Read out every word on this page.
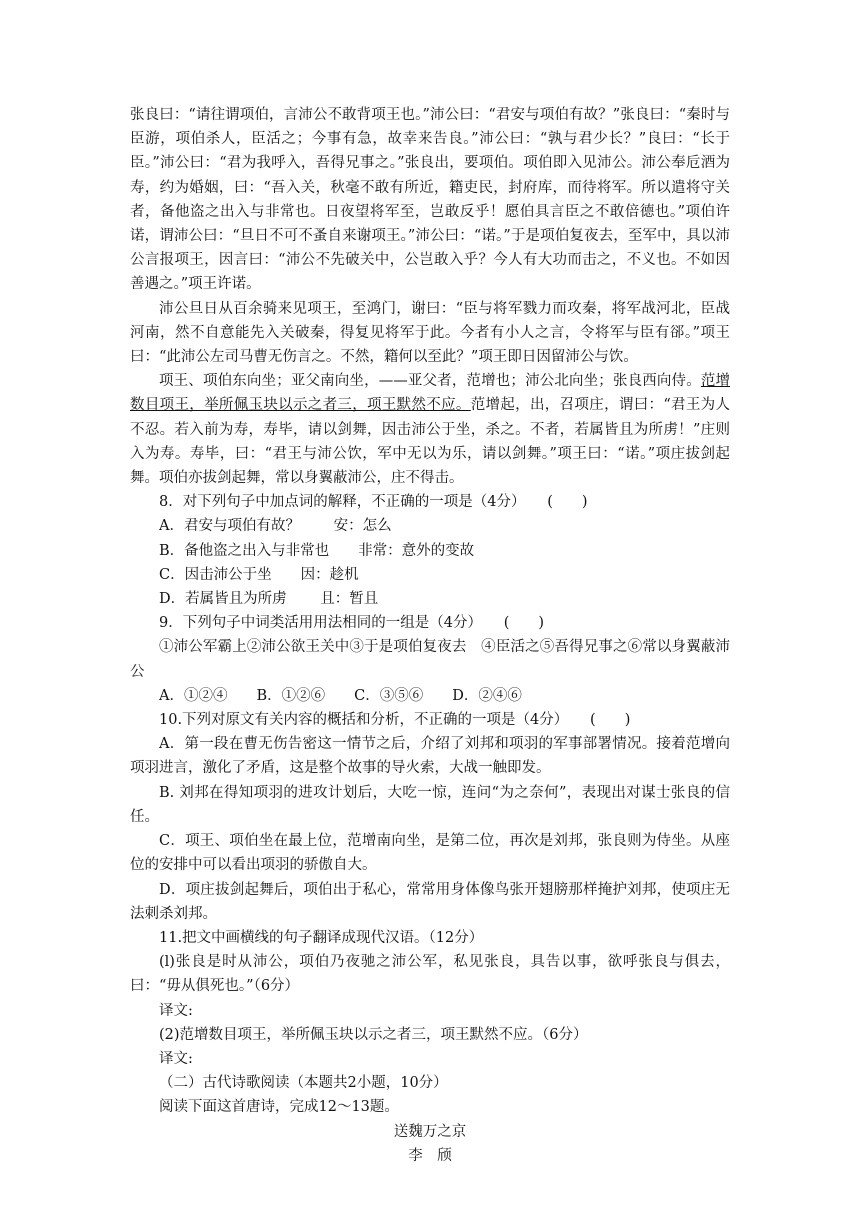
张良曰：“请往谓项伯，言沛公不敢背项王也。”沛公曰：“君安与项伯有故？”张良曰：“秦时与臣游，项伯杀人，臣活之；今事有急，故幸来告良。”沛公曰：“孰与君少长？”良曰：“长于臣。”沛公曰：“君为我呼入，吾得兄事之。”张良出，要项伯。项伯即入见沛公。沛公奉卮酒为寿，约为婚姻，曰：“吾入关，秋毫不敢有所近，籍吏民，封府库，而待将军。所以遣将守关者，备他盗之出入与非常也。日夜望将军至，岂敢反乎！愿伯具言臣之不敢倍德也。”项伯许诺，谓沛公曰：“旦日不可不蚤自来谢项王。”沛公曰：“诺。”于是项伯复夜去，至军中，具以沛公言报项王，因言曰：“沛公不先破关中，公岂敢入乎？今人有大功而击之，不义也。不如因善遇之。”项王许诺。

沛公旦日从百余骑来见项王，至鸿门，谢曰：“臣与将军戮力而攻秦，将军战河北，臣战河南，然不自意能先入关破秦，得复见将军于此。今者有小人之言，令将军与臣有郤。”项王曰：“此沛公左司马曹无伤言之。不然，籍何以至此？”项王即日因留沛公与饮。

项王、项伯东向坐；亚父南向坐，——亚父者，范增也；沛公北向坐；张良西向侍。范增数目项王，举所佩玉块以示之者三，项王默然不应。范增起，出，召项庄，谓曰：“君王为人不忍。若入前为寿，寿毕，请以剑舞，因击沛公于坐，杀之。不者，若属皆且为所虏！”庄则入为寿。寿毕，曰：“君王与沛公饮，军中无以为乐，请以剑舞。”项王曰：“诺。”项庄拔剑起舞。项伯亦拔剑起舞，常以身翼蔽沛公，庄不得击。

8．对下列句子中加点词的解释，不正确的一项是（4分）　　(　　)

A．君安与项伯有故？　　 安：怎么

B．备他盗之出入与非常也　　非常：意外的变故

C．因击沛公于坐　　因：趁机

D．若属皆且为所虏　　 且：暂且

9．下列句子中词类活用用法相同的一组是（4分）　　(　　)

①沛公军霸上②沛公欲王关中③于是项伯复夜去　④臣活之⑤吾得兄事之⑥常以身翼蔽沛公

A．①②④　　B．①②⑥　　C．③⑤⑥　　D．②④⑥

10.下列对原文有关内容的概括和分析，不正确的一项是（4分）　　(　　)

A．第一段在曹无伤告密这一情节之后，介绍了刘邦和项羽的军事部署情况。接着范增向项羽进言，激化了矛盾，这是整个故事的导火索，大战一触即发。

B. 刘邦在得知项羽的进攻计划后，大吃一惊，连问“为之奈何”，表现出对谋士张良的信任。

C．项王、项伯坐在最上位，范增南向坐，是第二位，再次是刘邦，张良则为侍坐。从座位的安排中可以看出项羽的骄傲自大。

D．项庄拔剑起舞后，项伯出于私心，常常用身体像鸟张开翅膀那样掩护刘邦，使项庄无法刺杀刘邦。

11.把文中画横线的句子翻译成现代汉语。（12分）

(l)张良是时从沛公，项伯乃夜驰之沛公军，私见张良，具告以事，欲呼张良与俱去，曰：“毋从俱死也。”（6分）

译文:

(2)范增数目项王，举所佩玉块以示之者三，项王默然不应。（6分）

译文:

（二）古代诗歌阅读（本题共2小题，10分）

阅读下面这首唐诗，完成12～13题。

送魏万之京

李　颀
